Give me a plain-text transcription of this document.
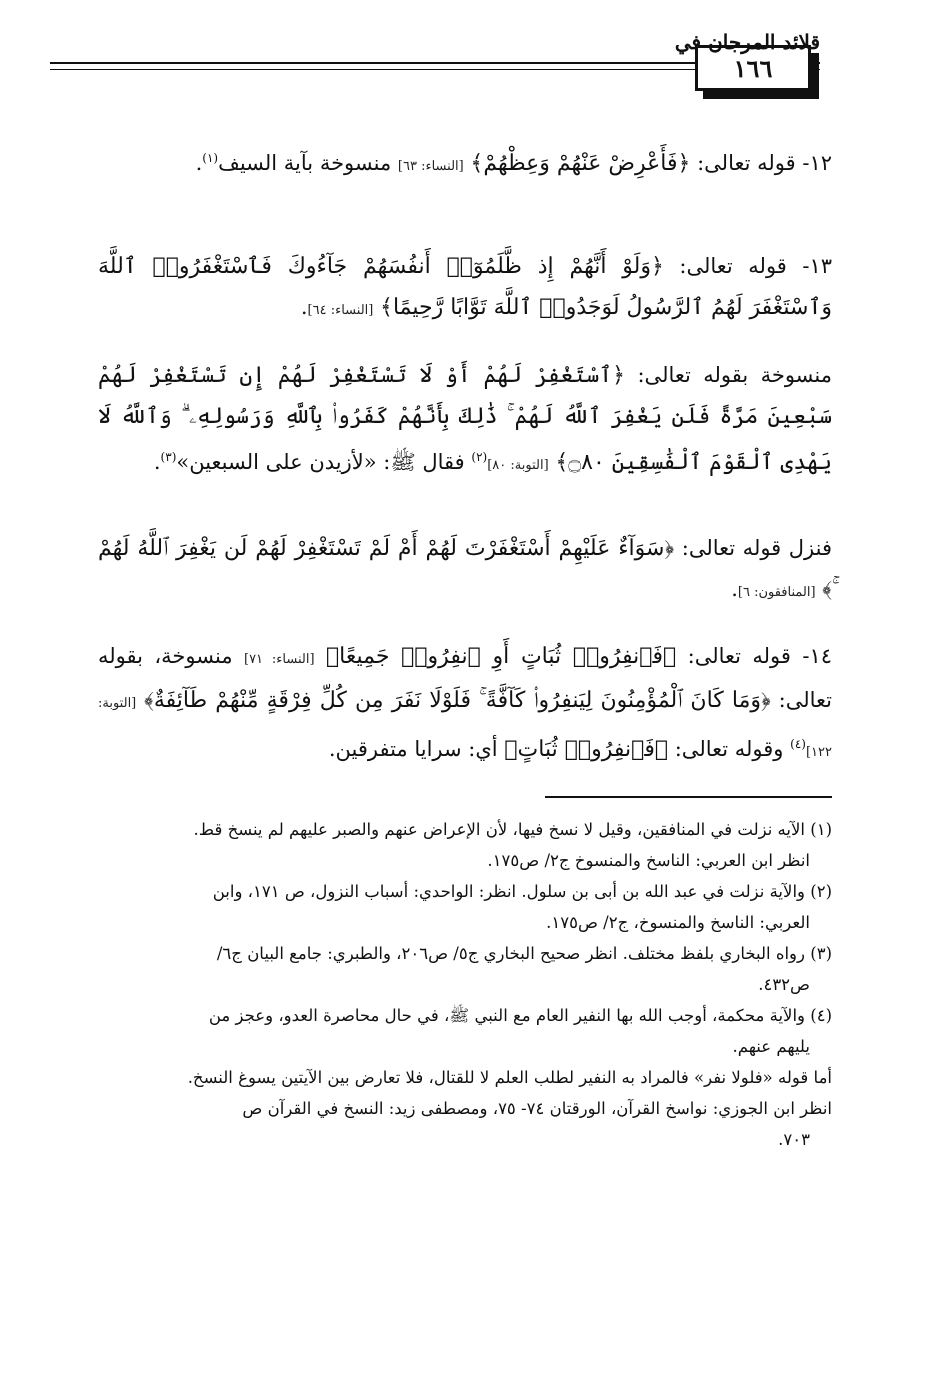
١٦٦
قلائد المرجان في

١٢- قوله تعالى: ﴿فَأَعْرِضْ عَنْهُمْ وَعِظْهُمْ﴾ [النساء: ٦٣] منسوخة بآية السيف$^{(١)}$.

١٣- قوله تعالى: ﴿وَلَوْ أَنَّهُمْ إِذ ظَّلَمُوٓا۟ أَنفُسَهُمْ جَآءُوكَ فَٱسْتَغْفَرُوا۟ ٱللَّهَ وَٱسْتَغْفَرَ لَهُمُ ٱلرَّسُولُ لَوَجَدُوا۟ ٱللَّهَ تَوَّابًا رَّحِيمًا﴾ [النساء: ٦٤].

منسوخة بقوله تعالى: ﴿ٱسْتَغْفِرْ لَهُمْ أَوْ لَا تَسْتَغْفِرْ لَهُمْ إِن تَسْتَغْفِرْ لَهُمْ سَبْعِينَ مَرَّةً فَلَن يَغْفِرَ ٱللَّهُ لَهُمْ ۚ ذَٰلِكَ بِأَنَّهُمْ كَفَرُوا۟ بِٱللَّهِ وَرَسُولِهِۦ ۗ وَٱللَّهُ لَا يَهْدِى ٱلْقَوْمَ ٱلْفَٰسِقِينَ ۝٨٠﴾ [التوبة: ٨٠]$^{(٢)}$ فقال ﷺ: «لأزيدن على السبعين»$^{(٣)}$.

فنزل قوله تعالى: ﴿سَوَآءٌ عَلَيْهِمْ أَسْتَغْفَرْتَ لَهُمْ أَمْ لَمْ تَسْتَغْفِرْ لَهُمْ لَن يَغْفِرَ ٱللَّهُ لَهُمْ ۚ﴾ [المنافقون: ٦].

١٤- قوله تعالى: ﴿فَٱنفِرُوا۟ ثُبَاتٍ أَوِ ٱنفِرُوا۟ جَمِيعًا﴾ [النساء: ٧١] منسوخة، بقوله تعالى: ﴿وَمَا كَانَ ٱلْمُؤْمِنُونَ لِيَنفِرُوا۟ كَآفَّةً ۚ فَلَوْلَا نَفَرَ مِن كُلِّ فِرْقَةٍ مِّنْهُمْ طَآئِفَةٌ﴾ [التوبة: ١٢٢]$^{(٤)}$ وقوله تعالى: ﴿فَٱنفِرُوا۟ ثُبَاتٍ﴾ أي: سرايا متفرقين.

(١) الآيه نزلت في المنافقين، وقيل لا نسخ فيها، لأن الإعراض عنهم والصبر عليهم لم ينسخ قط.

انظر ابن العربي: الناسخ والمنسوخ ج٢/ ص١٧٥.

(٢) والآية نزلت في عبد الله بن أبى بن سلول. انظر: الواحدي: أسباب النزول، ص ١٧١، وابن

العربي: الناسخ والمنسوخ، ج٢/ ص١٧٥.

(٣) رواه البخاري بلفظ مختلف. انظر صحيح البخاري ج٥/ ص٢٠٦، والطبري: جامع البيان ج٦/

ص٤٣٢.

(٤) والآية محكمة، أوجب الله بها النفير العام مع النبي ﷺ، في حال محاصرة العدو، وعجز من

يليهم عنهم.

أما قوله «فلولا نفر» فالمراد به النفير لطلب العلم لا للقتال، فلا تعارض بين الآيتين يسوغ النسخ.

انظر ابن الجوزي: نواسخ القرآن، الورقتان ٧٤- ٧٥، ومصطفى زيد: النسخ في القرآن ص

٧٠٣.
